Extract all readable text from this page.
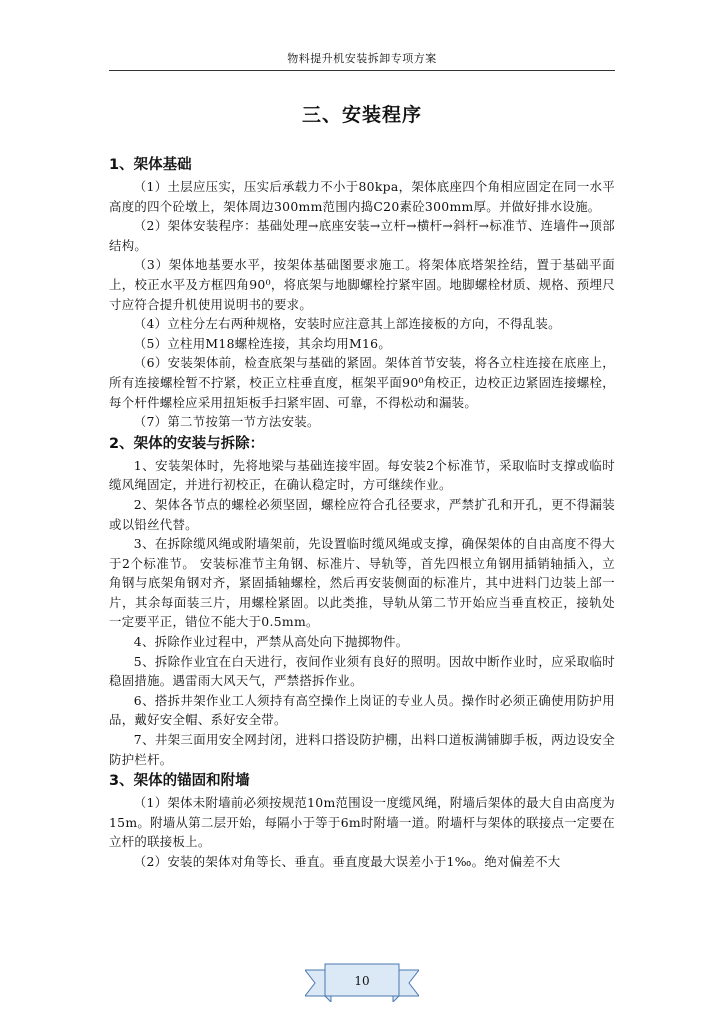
物料提升机安装拆卸专项方案
三、安装程序
1、架体基础

（1）土层应压实，压实后承载力不小于80kpa，架体底座四个角相应固定在同一水平高度的四个砼墩上，架体周边300mm范围内捣C20素砼300mm厚。并做好排水设施。

（2）架体安装程序：基础处理→底座安装→立杆→横杆→斜杆→标准节、连墙件→顶部结构。

（3）架体地基要水平，按架体基础图要求施工。将架体底塔架拴结，置于基础平面上，校正水平及方框四角90⁰，将底架与地脚螺栓拧紧牢固。地脚螺栓材质、规格、预埋尺寸应符合提升机使用说明书的要求。

（4）立柱分左右两种规格，安装时应注意其上部连接板的方向，不得乱装。

（5）立柱用M18螺栓连接，其余均用M16。

（6）安装架体前，检查底架与基础的紧固。架体首节安装，将各立柱连接在底座上，所有连接螺栓暂不拧紧，校正立柱垂直度，框架平面90⁰角校正，边校正边紧固连接螺栓，每个杆件螺栓应采用扭矩板手扫紧牢固、可靠，不得松动和漏装。

（7）第二节按第一节方法安装。

2、架体的安装与拆除：

1、安装架体时，先将地梁与基础连接牢固。每安装2个标准节，采取临时支撑或临时缆风绳固定，并进行初校正，在确认稳定时，方可继续作业。

2、架体各节点的螺栓必须坚固，螺栓应符合孔径要求，严禁扩孔和开孔，更不得漏装或以铅丝代替。

3、在拆除缆风绳或附墙架前，先设置临时缆风绳或支撑，确保架体的自由高度不得大于2个标准节。 安装标准节主角钢、标准片、导轨等，首先四根立角钢用插销轴插入，立角钢与底架角钢对齐，紧固插轴螺栓，然后再安装侧面的标准片，其中进料门边装上部一片，其余每面装三片，用螺栓紧固。以此类推，导轨从第二节开始应当垂直校正，接轨处一定要平正，错位不能大于0.5mm。

4、拆除作业过程中，严禁从高处向下抛掷物件。

5、拆除作业宜在白天进行，夜间作业须有良好的照明。因故中断作业时，应采取临时稳固措施。遇雷雨大风天气，严禁搭拆作业。

6、搭拆井架作业工人须持有高空操作上岗证的专业人员。操作时必须正确使用防护用品，戴好安全帽、系好安全带。

7、井架三面用安全网封闭，进料口搭设防护棚，出料口道板满铺脚手板，两边设安全防护栏杆。

3、架体的锚固和附墙

（1）架体未附墙前必须按规范10m范围设一度缆风绳，附墙后架体的最大自由高度为15m。附墙从第二层开始，每隔小于等于6m时附墙一道。附墙杆与架体的联接点一定要在立杆的联接板上。

（2）安装的架体对角等长、垂直。垂直度最大误差小于1‰。绝对偏差不大

10
